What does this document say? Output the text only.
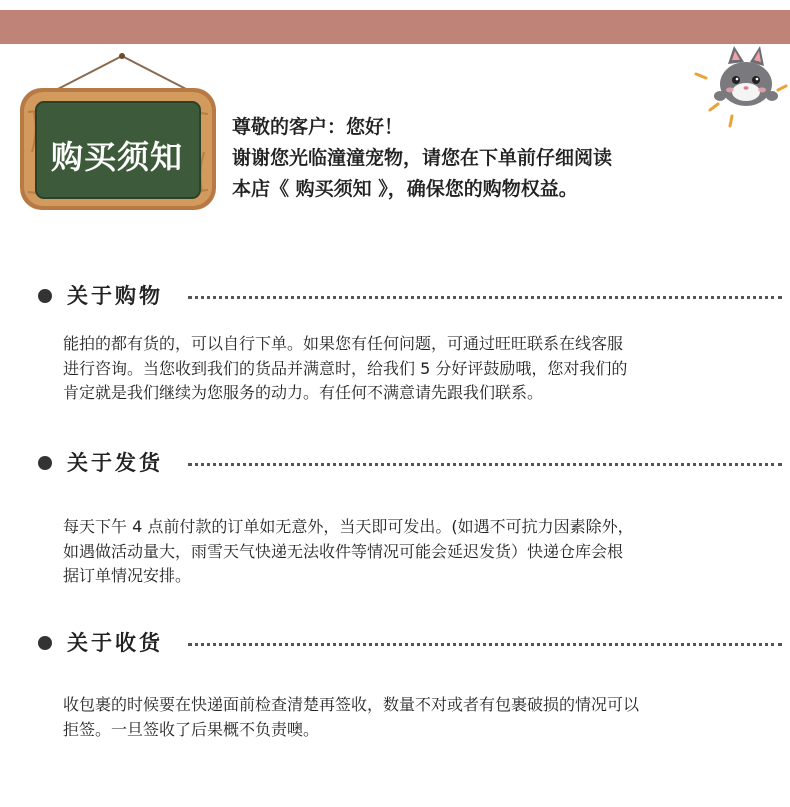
购买须知
尊敬的客户：您好！
谢谢您光临潼潼宠物，请您在下单前仔细阅读
本店《 购买须知 》，确保您的购物权益。
关于购物
能拍的都有货的，可以自行下单。如果您有任何问题，可通过旺旺联系在线客服
进行咨询。当您收到我们的货品并满意时，给我们 5 分好评鼓励哦，您对我们的
肯定就是我们继续为您服务的动力。有任何不满意请先跟我们联系。
关于发货
每天下午 4 点前付款的订单如无意外，当天即可发出。(如遇不可抗力因素除外，
如遇做活动量大，雨雪天气快递无法收件等情况可能会延迟发货）快递仓库会根
据订单情况安排。
关于收货
收包裹的时候要在快递面前检查清楚再签收，数量不对或者有包裹破损的情况可以
拒签。一旦签收了后果概不负责噢。
